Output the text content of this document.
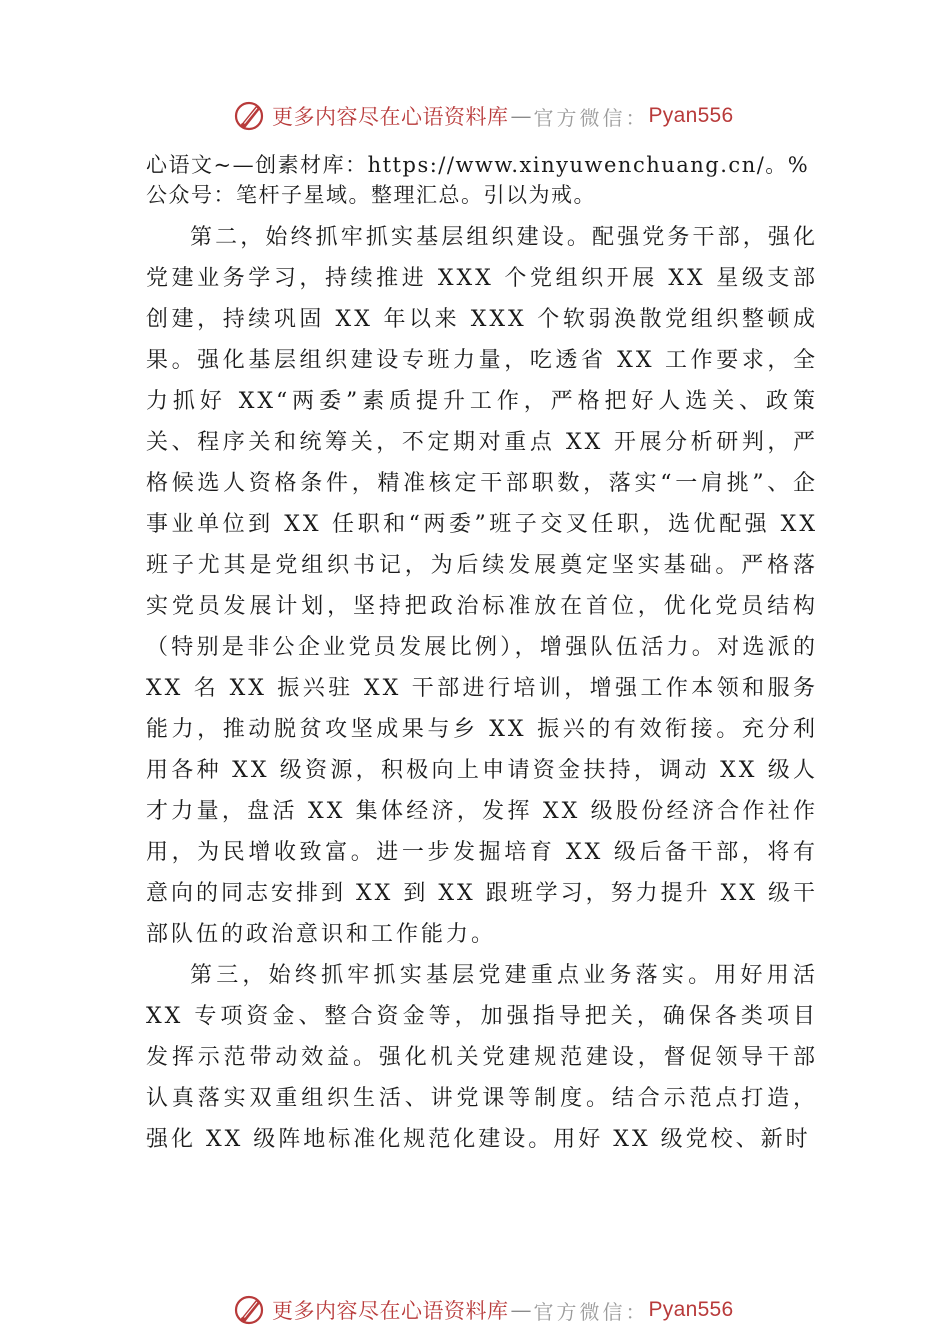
更多内容尽在心语资料库 — 官方微信： Pyan556

心语文~—创素材库：https://www.xinyuwenchuang.cn/。%

公众号：笔杆子星域。整理汇总。引以为戒。

第二，始终抓牢抓实基层组织建设。配强党务干部，强化党建业务学习，持续推进 XXX 个党组织开展 XX 星级支部创建，持续巩固 XX 年以来 XXX 个软弱涣散党组织整顿成果。强化基层组织建设专班力量，吃透省 XX 工作要求，全力抓好 XX“两委”素质提升工作，严格把好人选关、政策关、程序关和统筹关，不定期对重点 XX 开展分析研判，严格候选人资格条件，精准核定干部职数，落实“一肩挑”、企事业单位到 XX 任职和“两委”班子交叉任职，选优配强 XX 班子尤其是党组织书记，为后续发展奠定坚实基础。严格落实党员发展计划，坚持把政治标准放在首位，优化党员结构（特别是非公企业党员发展比例），增强队伍活力。对选派的 XX 名 XX 振兴驻 XX 干部进行培训，增强工作本领和服务能力，推动脱贫攻坚成果与乡 XX 振兴的有效衔接。充分利用各种 XX 级资源，积极向上申请资金扶持，调动 XX 级人才力量，盘活 XX 集体经济，发挥 XX 级股份经济合作社作用，为民增收致富。进一步发掘培育 XX 级后备干部，将有意向的同志安排到 XX 到 XX 跟班学习，努力提升 XX 级干部队伍的政治意识和工作能力。

第三，始终抓牢抓实基层党建重点业务落实。用好用活 XX 专项资金、整合资金等，加强指导把关，确保各类项目发挥示范带动效益。强化机关党建规范建设，督促领导干部认真落实双重组织生活、讲党课等制度。结合示范点打造， 强化 XX 级阵地标准化规范化建设。用好 XX 级党校、新时

更多内容尽在心语资料库 — 官方微信： Pyan556
